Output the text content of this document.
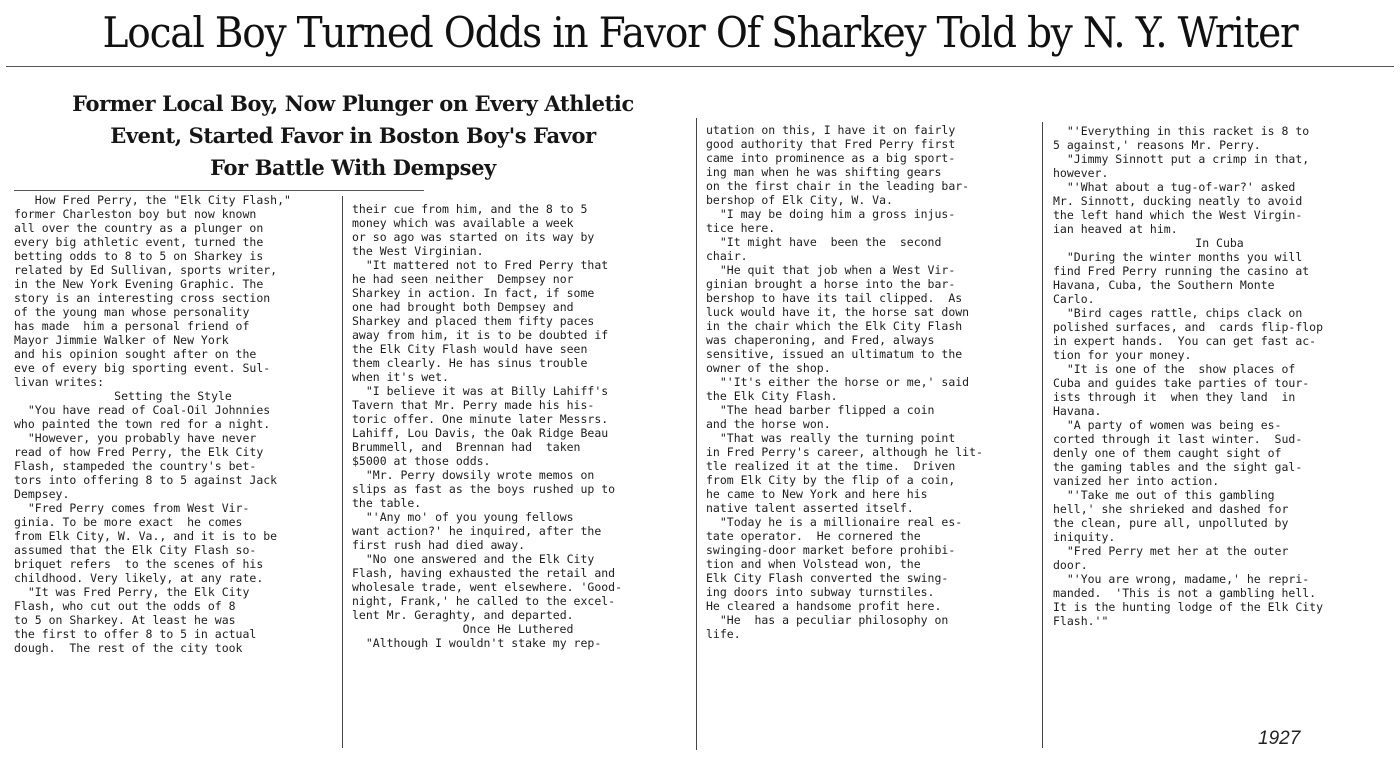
Local Boy Turned Odds in Favor Of Sharkey Told by N. Y. Writer
Former Local Boy, Now Plunger on Every Athletic
Event, Started Favor in Boston Boy's Favor
For Battle With Dempsey
How Fred Perry, the "Elk City Flash,"
former Charleston boy but now known
all over the country as a plunger on
every big athletic event, turned the
betting odds to 8 to 5 on Sharkey is
related by Ed Sullivan, sports writer,
in the New York Evening Graphic. The
story is an interesting cross section
of the young man whose personality
has made  him a personal friend of
Mayor Jimmie Walker of New York
and his opinion sought after on the
eve of every big sporting event. Sul-
livan writes:
Setting the Style
"You have read of Coal-Oil Johnnies
who painted the town red for a night.
"However, you probably have never
read of how Fred Perry, the Elk City
Flash, stampeded the country's bet-
tors into offering 8 to 5 against Jack
Dempsey.
"Fred Perry comes from West Vir-
ginia. To be more exact  he comes
from Elk City, W. Va., and it is to be
assumed that the Elk City Flash so-
briquet refers  to the scenes of his
childhood. Very likely, at any rate.
"It was Fred Perry, the Elk City
Flash, who cut out the odds of 8
to 5 on Sharkey. At least he was
the first to offer 8 to 5 in actual
dough.  The rest of the city took
their cue from him, and the 8 to 5
money which was available a week
or so ago was started on its way by
the West Virginian.
"It mattered not to Fred Perry that
he had seen neither  Dempsey nor
Sharkey in action. In fact, if some
one had brought both Dempsey and
Sharkey and placed them fifty paces
away from him, it is to be doubted if
the Elk City Flash would have seen
them clearly. He has sinus trouble
when it's wet.
"I believe it was at Billy Lahiff's
Tavern that Mr. Perry made his his-
toric offer. One minute later Messrs.
Lahiff, Lou Davis, the Oak Ridge Beau
Brummell, and  Brennan had  taken
$5000 at those odds.
"Mr. Perry dowsily wrote memos on
slips as fast as the boys rushed up to
the table.
"'Any mo' of you young fellows
want action?' he inquired, after the
first rush had died away.
"No one answered and the Elk City
Flash, having exhausted the retail and
wholesale trade, went elsewhere. 'Good-
night, Frank,' he called to the excel-
lent Mr. Geraghty, and departed.
Once He Luthered
"Although I wouldn't stake my rep-
utation on this, I have it on fairly
good authority that Fred Perry first
came into prominence as a big sport-
ing man when he was shifting gears
on the first chair in the leading bar-
bershop of Elk City, W. Va.
"I may be doing him a gross injus-
tice here.
"It might have  been the  second
chair.
"He quit that job when a West Vir-
ginian brought a horse into the bar-
bershop to have its tail clipped.  As
luck would have it, the horse sat down
in the chair which the Elk City Flash
was chaperoning, and Fred, always
sensitive, issued an ultimatum to the
owner of the shop.
"'It's either the horse or me,' said
the Elk City Flash.
"The head barber flipped a coin
and the horse won.
"That was really the turning point
in Fred Perry's career, although he lit-
tle realized it at the time.  Driven
from Elk City by the flip of a coin,
he came to New York and here his
native talent asserted itself.
"Today he is a millionaire real es-
tate operator.  He cornered the
swinging-door market before prohibi-
tion and when Volstead won, the
Elk City Flash converted the swing-
ing doors into subway turnstiles.
He cleared a handsome profit here.
"He  has a peculiar philosophy on
life.
"'Everything in this racket is 8 to
5 against,' reasons Mr. Perry.
"Jimmy Sinnott put a crimp in that,
however.
"'What about a tug-of-war?' asked
Mr. Sinnott, ducking neatly to avoid
the left hand which the West Virgin-
ian heaved at him.
In Cuba
"During the winter months you will
find Fred Perry running the casino at
Havana, Cuba, the Southern Monte
Carlo.
"Bird cages rattle, chips clack on
polished surfaces, and  cards flip-flop
in expert hands.  You can get fast ac-
tion for your money.
"It is one of the  show places of
Cuba and guides take parties of tour-
ists through it  when they land  in
Havana.
"A party of women was being es-
corted through it last winter.  Sud-
denly one of them caught sight of
the gaming tables and the sight gal-
vanized her into action.
"'Take me out of this gambling
hell,' she shrieked and dashed for
the clean, pure all, unpolluted by
iniquity.
"Fred Perry met her at the outer
door.
"'You are wrong, madame,' he repri-
manded.  'This is not a gambling hell.
It is the hunting lodge of the Elk City
Flash.'"
1927
